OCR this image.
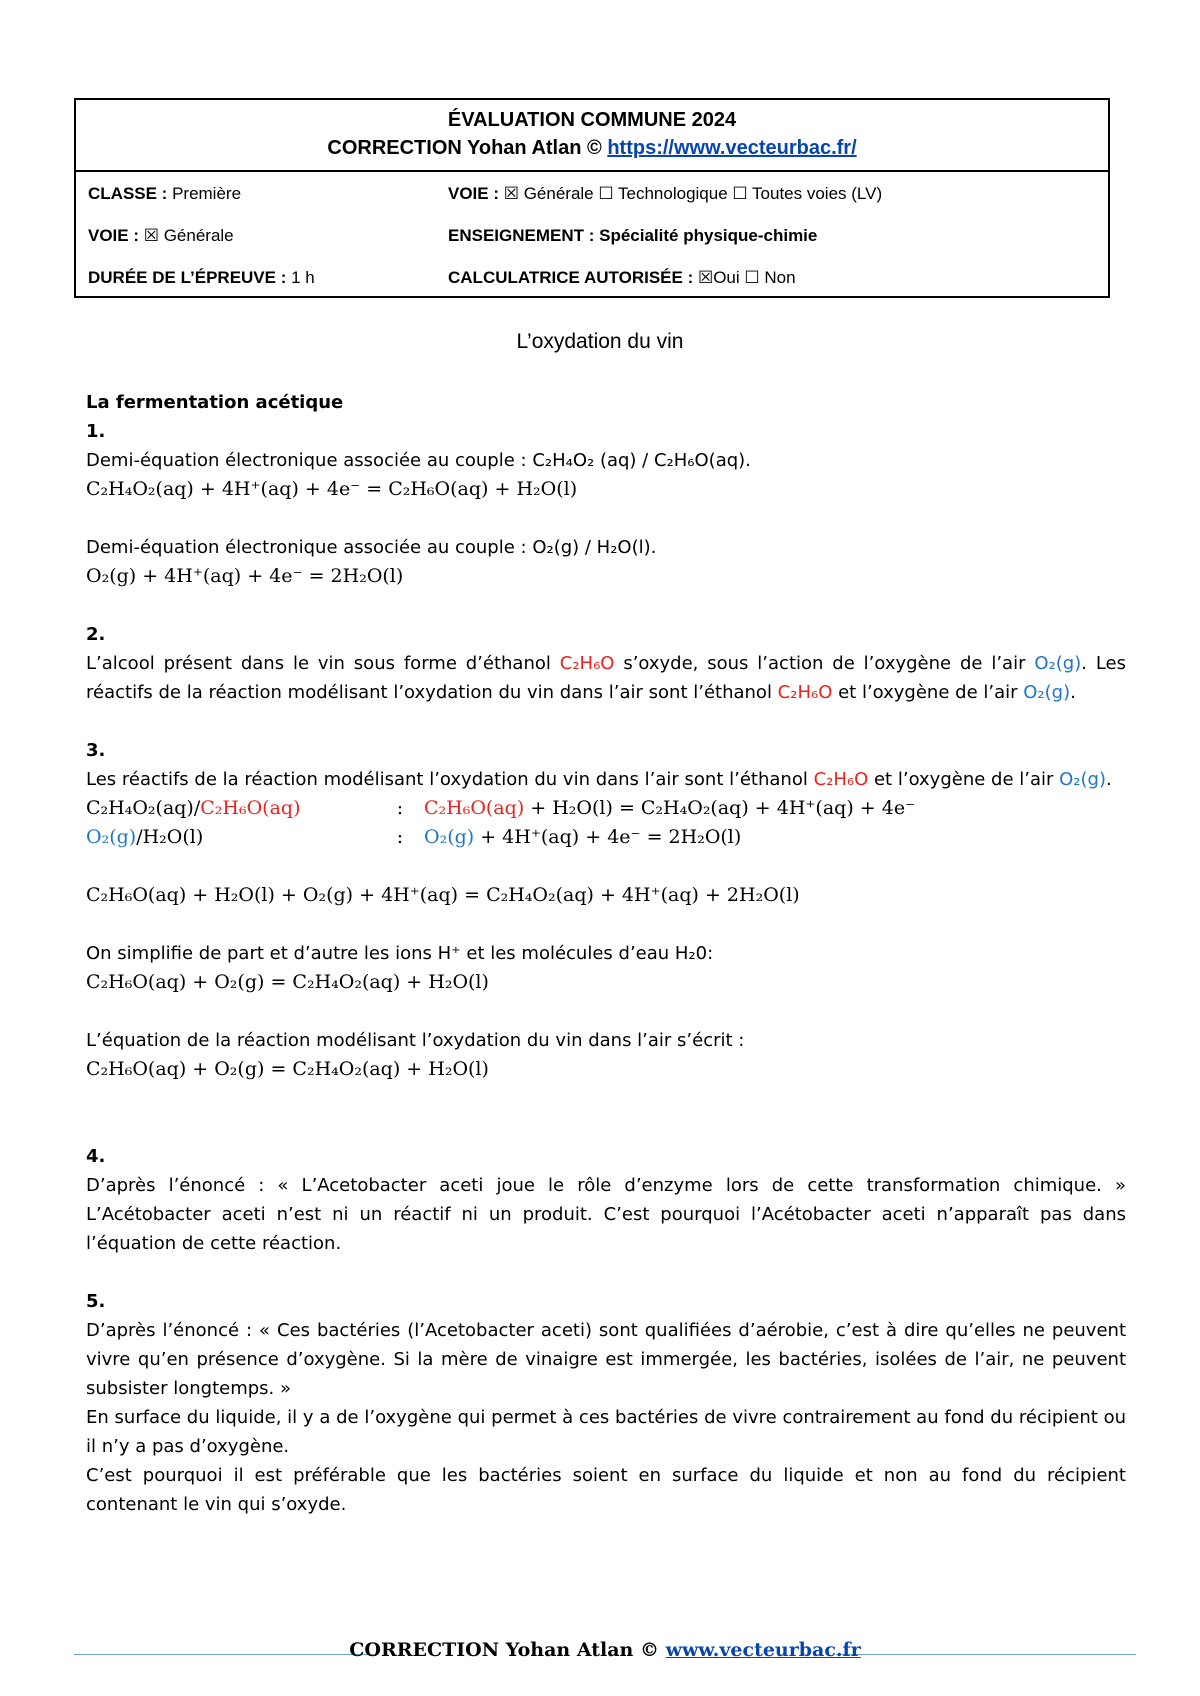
ÉVALUATION COMMUNE 2024
CORRECTION Yohan Atlan © https://www.vecteurbac.fr/
CLASSE : Première	VOIE : ☒ Générale ☐ Technologique ☐ Toutes voies (LV)
VOIE : ☒ Générale	ENSEIGNEMENT : Spécialité physique-chimie
DURÉE DE L’ÉPREUVE : 1 h	CALCULATRICE AUTORISÉE : ☒Oui ☐ Non
L’oxydation du vin

La fermentation acétique

1.

Demi-équation électronique associée au couple : C₂H₄O₂ (aq) / C₂H₆O(aq).

C₂H₄O₂(aq) + 4H⁺(aq) + 4e⁻ = C₂H₆O(aq) + H₂O(l)

Demi-équation électronique associée au couple : O₂(g) / H₂O(l).

O₂(g) + 4H⁺(aq) + 4e⁻ = 2H₂O(l)

2.

L’alcool présent dans le vin sous forme d’éthanol C₂H₆O s’oxyde, sous l’action de l’oxygène de l’air O₂(g). Les réactifs de la réaction modélisant l’oxydation du vin dans l’air sont l’éthanol C₂H₆O et l’oxygène de l’air O₂(g).

3.

Les réactifs de la réaction modélisant l’oxydation du vin dans l’air sont l’éthanol C₂H₆O et l’oxygène de l’air O₂(g).

C₂H₄O₂(aq)/C₂H₆O(aq)	: C₂H₆O(aq) + H₂O(l) = C₂H₄O₂(aq) + 4H⁺(aq) + 4e⁻

O₂(g)/H₂O(l)	: O₂(g) + 4H⁺(aq) + 4e⁻ = 2H₂O(l)

C₂H₆O(aq) + H₂O(l) + O₂(g) + 4H⁺(aq) = C₂H₄O₂(aq) + 4H⁺(aq) + 2H₂O(l)

On simplifie de part et d’autre les ions H⁺ et les molécules d’eau H₂0:

C₂H₆O(aq) + O₂(g) = C₂H₄O₂(aq) + H₂O(l)

L’équation de la réaction modélisant l’oxydation du vin dans l’air s’écrit :

C₂H₆O(aq) + O₂(g) = C₂H₄O₂(aq) + H₂O(l)

4.

D’après l’énoncé : « L’Acetobacter aceti joue le rôle d’enzyme lors de cette transformation chimique. » L’Acétobacter aceti n’est ni un réactif ni un produit. C’est pourquoi l’Acétobacter aceti n’apparaît pas dans l’équation de cette réaction.

5.

D’après l’énoncé : « Ces bactéries (l’Acetobacter aceti) sont qualifiées d’aérobie, c’est à dire qu’elles ne peuvent vivre qu’en présence d’oxygène. Si la mère de vinaigre est immergée, les bactéries, isolées de l’air, ne peuvent subsister longtemps. »

En surface du liquide, il y a de l’oxygène qui permet à ces bactéries de vivre contrairement au fond du récipient ou il n’y a pas d’oxygène.

C’est pourquoi il est préférable que les bactéries soient en surface du liquide et non au fond du récipient contenant le vin qui s’oxyde.

CORRECTION Yohan Atlan © www.vecteurbac.fr
